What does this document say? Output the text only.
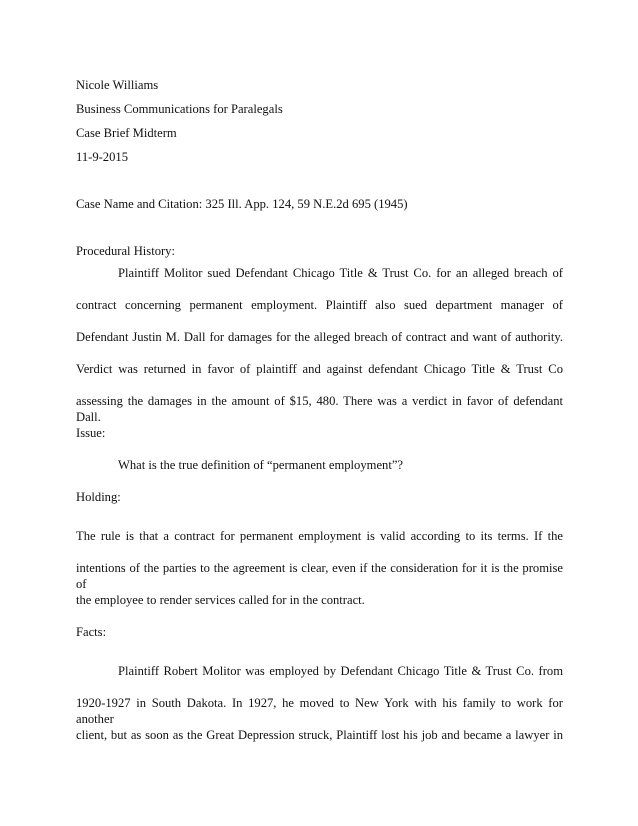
Nicole Williams
Business Communications for Paralegals
Case Brief Midterm
11-9-2015
Case Name and Citation: 325 Ill. App. 124, 59 N.E.2d 695 (1945)
Procedural History:
Plaintiff Molitor sued Defendant Chicago Title & Trust Co. for an alleged breach of
contract concerning permanent employment. Plaintiff also sued department manager of
Defendant Justin M. Dall for damages for the alleged breach of contract and want of authority.
Verdict was returned in favor of plaintiff and against defendant Chicago Title & Trust Co
assessing the damages in the amount of $15, 480. There was a verdict in favor of defendant Dall.
Issue:
What is the true definition of “permanent employment”?
Holding:
The rule is that a contract for permanent employment is valid according to its terms. If the
intentions of the parties to the agreement is clear, even if the consideration for it is the promise of
the employee to render services called for in the contract.
Facts:
Plaintiff Robert Molitor was employed by Defendant Chicago Title & Trust Co. from
1920-1927 in South Dakota. In 1927, he moved to New York with his family to work for another
client, but as soon as the Great Depression struck, Plaintiff lost his job and became a lawyer in
